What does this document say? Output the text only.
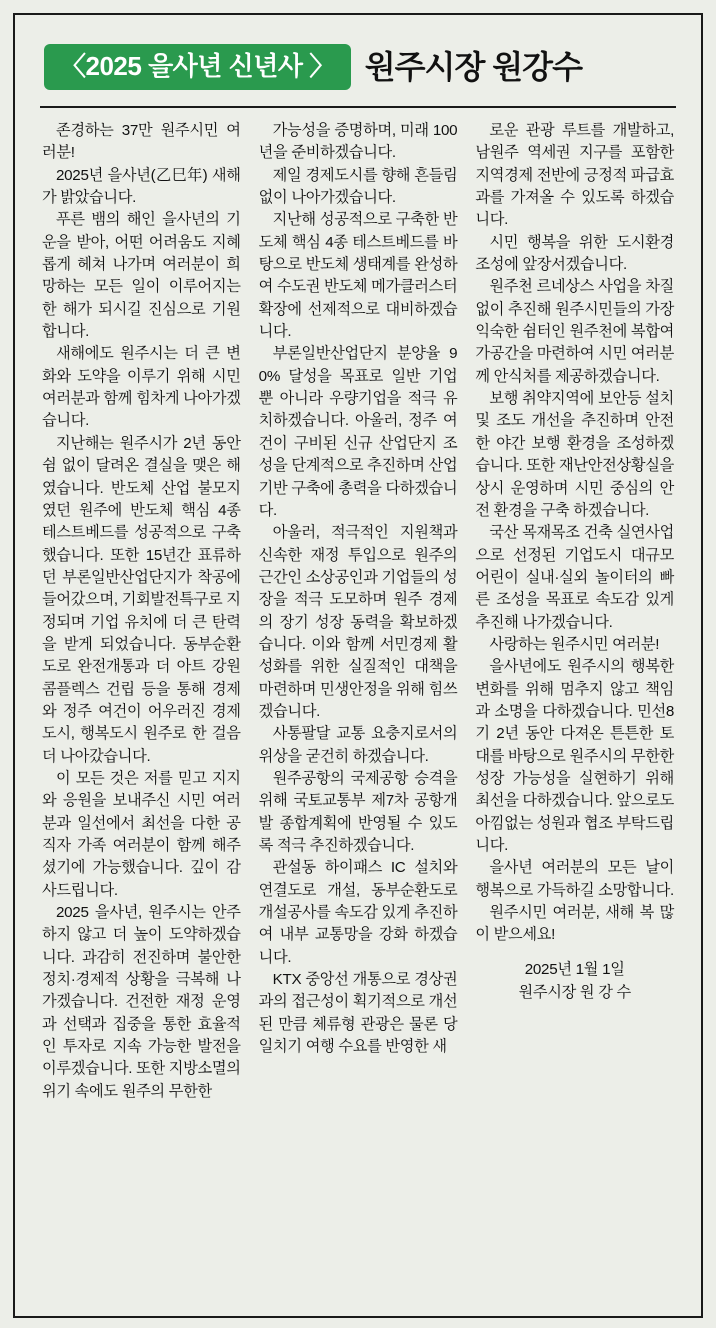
〈2025 을사년 신년사 〉 원주시장 원강수

존경하는 37만 원주시민 여러분!

2025년 을사년(乙巳年) 새해가 밝았습니다.

푸른 뱀의 해인 을사년의 기운을 받아, 어떤 어려움도 지혜롭게 헤쳐 나가며 여러분이 희망하는 모든 일이 이루어지는 한 해가 되시길 진심으로 기원합니다.

새해에도 원주시는 더 큰 변화와 도약을 이루기 위해 시민 여러분과 함께 힘차게 나아가겠습니다.

지난해는 원주시가 2년 동안 쉼 없이 달려온 결실을 맺은 해였습니다. 반도체 산업 불모지였던 원주에 반도체 핵심 4종 테스트베드를 성공적으로 구축했습니다. 또한 15년간 표류하던 부론일반산업단지가 착공에 들어갔으며, 기회발전특구로 지정되며 기업 유치에 더 큰 탄력을 받게 되었습니다. 동부순환도로 완전개통과 더 아트 강원 콤플렉스 건립 등을 통해 경제와 정주 여건이 어우러진 경제도시, 행복도시 원주로 한 걸음 더 나아갔습니다.

이 모든 것은 저를 믿고 지지와 응원을 보내주신 시민 여러분과 일선에서 최선을 다한 공직자 가족 여러분이 함께 해주셨기에 가능했습니다. 깊이 감사드립니다.

2025 을사년, 원주시는 안주하지 않고 더 높이 도약하겠습니다. 과감히 전진하며 불안한 정치·경제적 상황을 극복해 나가겠습니다. 건전한 재정 운영과 선택과 집중을 통한 효율적인 투자로 지속 가능한 발전을 이루겠습니다. 또한 지방소멸의 위기 속에도 원주의 무한한

가능성을 증명하며, 미래 100년을 준비하겠습니다.

제일 경제도시를 향해 흔들림 없이 나아가겠습니다.

지난해 성공적으로 구축한 반도체 핵심 4종 테스트베드를 바탕으로 반도체 생태계를 완성하여 수도권 반도체 메가클러스터 확장에 선제적으로 대비하겠습니다.

부론일반산업단지 분양율 90% 달성을 목표로 일반 기업 뿐 아니라 우량기업을 적극 유치하겠습니다. 아울러, 정주 여건이 구비된 신규 산업단지 조성을 단계적으로 추진하며 산업기반 구축에 총력을 다하겠습니다.

아울러, 적극적인 지원책과 신속한 재정 투입으로 원주의 근간인 소상공인과 기업들의 성장을 적극 도모하며 원주 경제의 장기 성장 동력을 확보하겠습니다. 이와 함께 서민경제 활성화를 위한 실질적인 대책을 마련하며 민생안정을 위해 힘쓰겠습니다.

사통팔달 교통 요충지로서의 위상을 굳건히 하겠습니다.

원주공항의 국제공항 승격을 위해 국토교통부 제7차 공항개발 종합계획에 반영될 수 있도록 적극 추진하겠습니다.

관설동 하이패스 IC 설치와 연결도로 개설, 동부순환도로 개설공사를 속도감 있게 추진하여 내부 교통망을 강화 하겠습니다.

KTX 중앙선 개통으로 경상권과의 접근성이 획기적으로 개선된 만큼 체류형 관광은 물론 당일치기 여행 수요를 반영한 새

로운 관광 루트를 개발하고, 남원주 역세권 지구를 포함한 지역경제 전반에 긍정적 파급효과를 가져올 수 있도록 하겠습니다.

시민 행복을 위한 도시환경 조성에 앞장서겠습니다.

원주천 르네상스 사업을 차질 없이 추진해 원주시민들의 가장 익숙한 쉼터인 원주천에 복합여가공간을 마련하여 시민 여러분께 안식처를 제공하겠습니다.

보행 취약지역에 보안등 설치 및 조도 개선을 추진하며 안전한 야간 보행 환경을 조성하겠습니다. 또한 재난안전상황실을 상시 운영하며 시민 중심의 안전 환경을 구축 하겠습니다.

국산 목재목조 건축 실연사업으로 선정된 기업도시 대규모 어린이 실내·실외 놀이터의 빠른 조성을 목표로 속도감 있게 추진해 나가겠습니다.

사랑하는 원주시민 여러분!

을사년에도 원주시의 행복한 변화를 위해 멈추지 않고 책임과 소명을 다하겠습니다. 민선8기 2년 동안 다져온 튼튼한 토대를 바탕으로 원주시의 무한한 성장 가능성을 실현하기 위해 최선을 다하겠습니다. 앞으로도 아낌없는 성원과 협조 부탁드립니다.

을사년 여러분의 모든 날이 행복으로 가득하길 소망합니다.

원주시민 여러분, 새해 복 많이 받으세요!

2025년 1월 1일
원주시장 원 강 수
